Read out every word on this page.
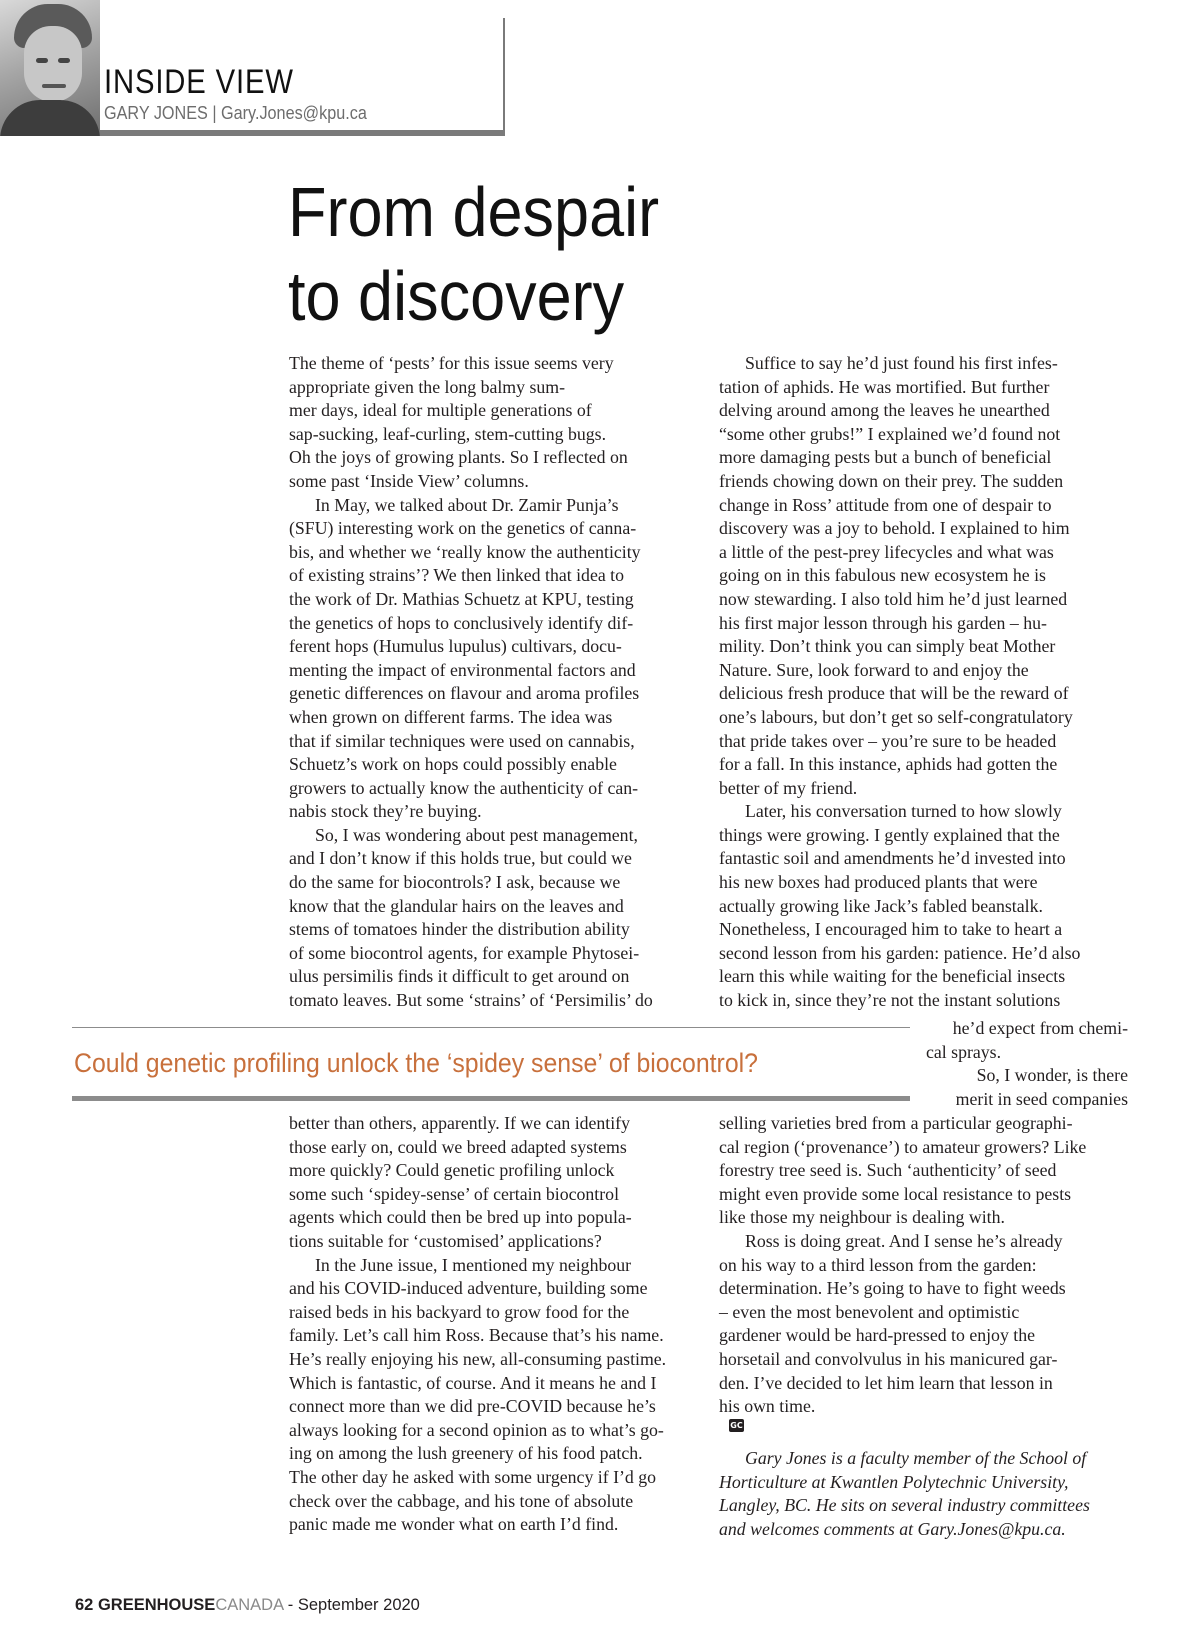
INSIDE VIEW
GARY JONES | Gary.Jones@kpu.ca
From despair
to discovery
The theme of ‘pests’ for this issue seems very
appropriate given the long balmy sum-
mer days, ideal for multiple generations of
sap-sucking, leaf-curling, stem-cutting bugs.
Oh the joys of growing plants. So I reflected on
some past ‘Inside View’ columns.
In May, we talked about Dr. Zamir Punja’s
(SFU) interesting work on the genetics of canna-
bis, and whether we ‘really know the authenticity
of existing strains’? We then linked that idea to
the work of Dr. Mathias Schuetz at KPU, testing
the genetics of hops to conclusively identify dif-
ferent hops (Humulus lupulus) cultivars, docu-
menting the impact of environmental factors and
genetic differences on flavour and aroma profiles
when grown on different farms. The idea was
that if similar techniques were used on cannabis,
Schuetz’s work on hops could possibly enable
growers to actually know the authenticity of can-
nabis stock they’re buying.
So, I was wondering about pest management,
and I don’t know if this holds true, but could we
do the same for biocontrols? I ask, because we
know that the glandular hairs on the leaves and
stems of tomatoes hinder the distribution ability
of some biocontrol agents, for example Phytosei-
ulus persimilis finds it difficult to get around on
tomato leaves. But some ‘strains’ of ‘Persimilis’ do
Suffice to say he’d just found his first infes-
tation of aphids. He was mortified. But further
delving around among the leaves he unearthed
“some other grubs!” I explained we’d found not
more damaging pests but a bunch of beneficial
friends chowing down on their prey. The sudden
change in Ross’ attitude from one of despair to
discovery was a joy to behold. I explained to him
a little of the pest-prey lifecycles and what was
going on in this fabulous new ecosystem he is
now stewarding. I also told him he’d just learned
his first major lesson through his garden – hu-
mility. Don’t think you can simply beat Mother
Nature. Sure, look forward to and enjoy the
delicious fresh produce that will be the reward of
one’s labours, but don’t get so self-congratulatory
that pride takes over – you’re sure to be headed
for a fall. In this instance, aphids had gotten the
better of my friend.
Later, his conversation turned to how slowly
things were growing. I gently explained that the
fantastic soil and amendments he’d invested into
his new boxes had produced plants that were
actually growing like Jack’s fabled beanstalk.
Nonetheless, I encouraged him to take to heart a
second lesson from his garden: patience. He’d also
learn this while waiting for the beneficial insects
to kick in, since they’re not the instant solutions
he’d expect from chemi-
cal sprays.
So, I wonder, is there
merit in seed companies

Could genetic profiling unlock the ‘spidey sense’ of biocontrol?

better than others, apparently. If we can identify
those early on, could we breed adapted systems
more quickly? Could genetic profiling unlock
some such ‘spidey-sense’ of certain biocontrol
agents which could then be bred up into popula-
tions suitable for ‘customised’ applications?
In the June issue, I mentioned my neighbour
and his COVID-induced adventure, building some
raised beds in his backyard to grow food for the
family. Let’s call him Ross. Because that’s his name.
He’s really enjoying his new, all-consuming pastime.
Which is fantastic, of course. And it means he and I
connect more than we did pre-COVID because he’s
always looking for a second opinion as to what’s go-
ing on among the lush greenery of his food patch.
The other day he asked with some urgency if I’d go
check over the cabbage, and his tone of absolute
panic made me wonder what on earth I’d find.
selling varieties bred from a particular geographi-
cal region (‘provenance’) to amateur growers? Like
forestry tree seed is. Such ‘authenticity’ of seed
might even provide some local resistance to pests
like those my neighbour is dealing with.
Ross is doing great. And I sense he’s already
on his way to a third lesson from the garden:
determination. He’s going to have to fight weeds
– even the most benevolent and optimistic
gardener would be hard-pressed to enjoy the
horsetail and convolvulus in his manicured gar-
den. I’ve decided to let him learn that lesson in
his own time.
GC
Gary Jones is a faculty member of the School of
Horticulture at Kwantlen Polytechnic University,
Langley, BC. He sits on several industry committees
and welcomes comments at Gary.Jones@kpu.ca.
62 GREENHOUSECANADA - September 2020
